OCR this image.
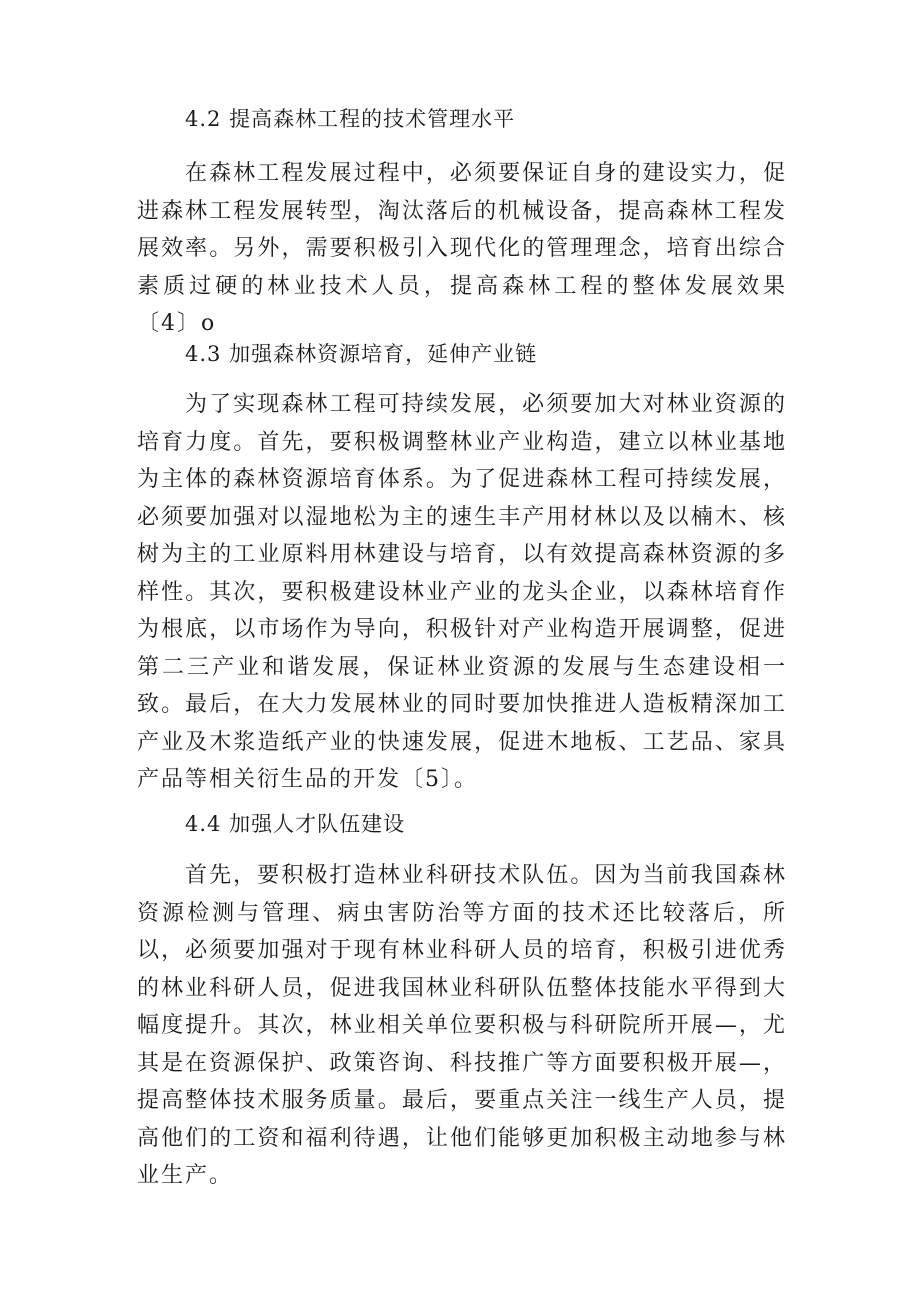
4.2 提高森林工程的技术管理水平

在森林工程发展过程中，必须要保证自身的建设实力，促进森林工程发展转型，淘汰落后的机械设备，提高森林工程发展效率。另外，需要积极引入现代化的管理理念，培育出综合素质过硬的林业技术人员，提高森林工程的整体发展效果〔4〕o

4.3 加强森林资源培育，延伸产业链

为了实现森林工程可持续发展，必须要加大对林业资源的培育力度。首先，要积极调整林业产业构造，建立以林业基地为主体的森林资源培育体系。为了促进森林工程可持续发展，必须要加强对以湿地松为主的速生丰产用材林以及以楠木、核树为主的工业原料用林建设与培育，以有效提高森林资源的多样性。其次，要积极建设林业产业的龙头企业，以森林培育作为根底，以市场作为导向，积极针对产业构造开展调整，促进第二三产业和谐发展，保证林业资源的发展与生态建设相一致。最后，在大力发展林业的同时要加快推进人造板精深加工产业及木浆造纸产业的快速发展，促进木地板、工艺品、家具产品等相关衍生品的开发〔5〕。

4.4 加强人才队伍建设

首先，要积极打造林业科研技术队伍。因为当前我国森林资源检测与管理、病虫害防治等方面的技术还比较落后，所以，必须要加强对于现有林业科研人员的培育，积极引进优秀的林业科研人员，促进我国林业科研队伍整体技能水平得到大幅度提升。其次，林业相关单位要积极与科研院所开展—，尤其是在资源保护、政策咨询、科技推广等方面要积极开展—，提高整体技术服务质量。最后，要重点关注一线生产人员，提高他们的工资和福利待遇，让他们能够更加积极主动地参与林业生产。
